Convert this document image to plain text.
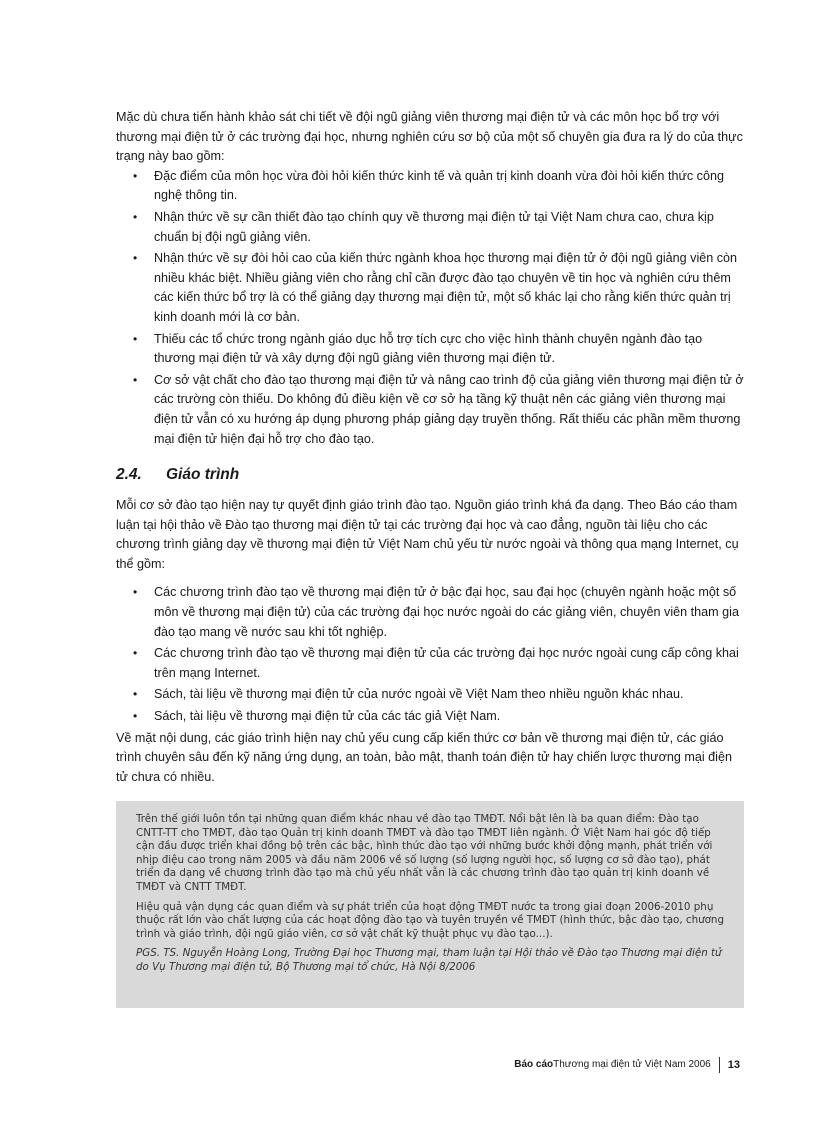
Mặc dù chưa tiến hành khảo sát chi tiết về đội ngũ giảng viên thương mại điện tử và các môn học bổ trợ với thương mại điện tử ở các trường đại học, nhưng nghiên cứu sơ bộ của một số chuyên gia đưa ra lý do của thực trạng này bao gồm:

• Đặc điểm của môn học vừa đòi hỏi kiến thức kinh tế và quản trị kinh doanh vừa đòi hỏi kiến thức công nghệ thông tin.
• Nhận thức về sự cần thiết đào tạo chính quy về thương mại điện tử tại Việt Nam chưa cao, chưa kịp chuẩn bị đội ngũ giảng viên.
• Nhận thức về sự đòi hỏi cao của kiến thức ngành khoa học thương mại điện tử ở đội ngũ giảng viên còn nhiều khác biệt. Nhiều giảng viên cho rằng chỉ cần được đào tạo chuyên về tin học và nghiên cứu thêm các kiến thức bổ trợ là có thể giảng dạy thương mại điện tử, một số khác lại cho rằng kiến thức quản trị kinh doanh mới là cơ bản.
• Thiếu các tổ chức trong ngành giáo dục hỗ trợ tích cực cho việc hình thành chuyên ngành đào tạo thương mại điện tử và xây dựng đội ngũ giảng viên thương mại điện tử.
• Cơ sở vật chất cho đào tạo thương mại điện tử và nâng cao trình độ của giảng viên thương mại điện tử ở các trường còn thiếu. Do không đủ điều kiện về cơ sở hạ tầng kỹ thuật nên các giảng viên thương mại điện tử vẫn có xu hướng áp dụng phương pháp giảng dạy truyền thống. Rất thiếu các phần mềm thương mại điện tử hiện đại hỗ trợ cho đào tạo.
2.4.	Giáo trình

Mỗi cơ sở đào tạo hiện nay tự quyết định giáo trình đào tạo. Nguồn giáo trình khá đa dạng. Theo Báo cáo tham luận tại hội thảo về Đào tạo thương mại điện tử tại các trường đại học và cao đẳng, nguồn tài liệu cho các chương trình giảng dạy về thương mại điện tử Việt Nam chủ yếu từ nước ngoài và thông qua mạng Internet, cụ thể gồm:

• Các chương trình đào tạo về thương mại điện tử ở bậc đại học, sau đại học (chuyên ngành hoặc một số môn về thương mại điện tử) của các trường đại học nước ngoài do các giảng viên, chuyên viên tham gia đào tạo mang về nước sau khi tốt nghiệp.
• Các chương trình đào tạo về thương mại điện tử của các trường đại học nước ngoài cung cấp công khai trên mạng Internet.
• Sách, tài liệu về thương mại điện tử của nước ngoài về Việt Nam theo nhiều nguồn khác nhau.
• Sách, tài liệu về thương mại điện tử của các tác giả Việt Nam.

Về mặt nội dung, các giáo trình hiện nay chủ yếu cung cấp kiến thức cơ bản về thương mại điện tử, các giáo trình chuyên sâu đến kỹ năng ứng dụng, an toàn, bảo mật, thanh toán điện tử hay chiến lược thương mại điện tử chưa có nhiều.

Trên thế giới luôn tồn tại những quan điểm khác nhau về đào tạo TMĐT. Nổi bật lên là ba quan điểm: Đào tạo CNTT-TT cho TMĐT, đào tạo Quản trị kinh doanh TMĐT và đào tạo TMĐT liên ngành. Ở Việt Nam hai góc độ tiếp cận đầu được triển khai đồng bộ trên các bậc, hình thức đào tạo với những bước khởi động mạnh, phát triển với nhịp điệu cao trong năm 2005 và đầu năm 2006 về số lượng (số lượng người học, số lượng cơ sở đào tạo), phát triển đa dạng về chương trình đào tạo mà chủ yếu nhất vẫn là các chương trình đào tạo quản trị kinh doanh về TMĐT và CNTT TMĐT.

Hiệu quả vận dụng các quan điểm và sự phát triển của hoạt động TMĐT nước ta trong giai đoạn 2006-2010 phụ thuộc rất lớn vào chất lượng của các hoạt động đào tạo và tuyên truyền về TMĐT (hình thức, bậc đào tạo, chương trình và giáo trình, đội ngũ giáo viên, cơ sở vật chất kỹ thuật phục vụ đào tạo...).

PGS. TS. Nguyễn Hoàng Long, Trường Đại học Thương mại, tham luận tại Hội thảo về Đào tạo Thương mại điện tử do Vụ Thương mại điện tử, Bộ Thương mại tổ chức, Hà Nội 8/2006

Báo cáo Thương mại điện tử Việt Nam 2006 13
